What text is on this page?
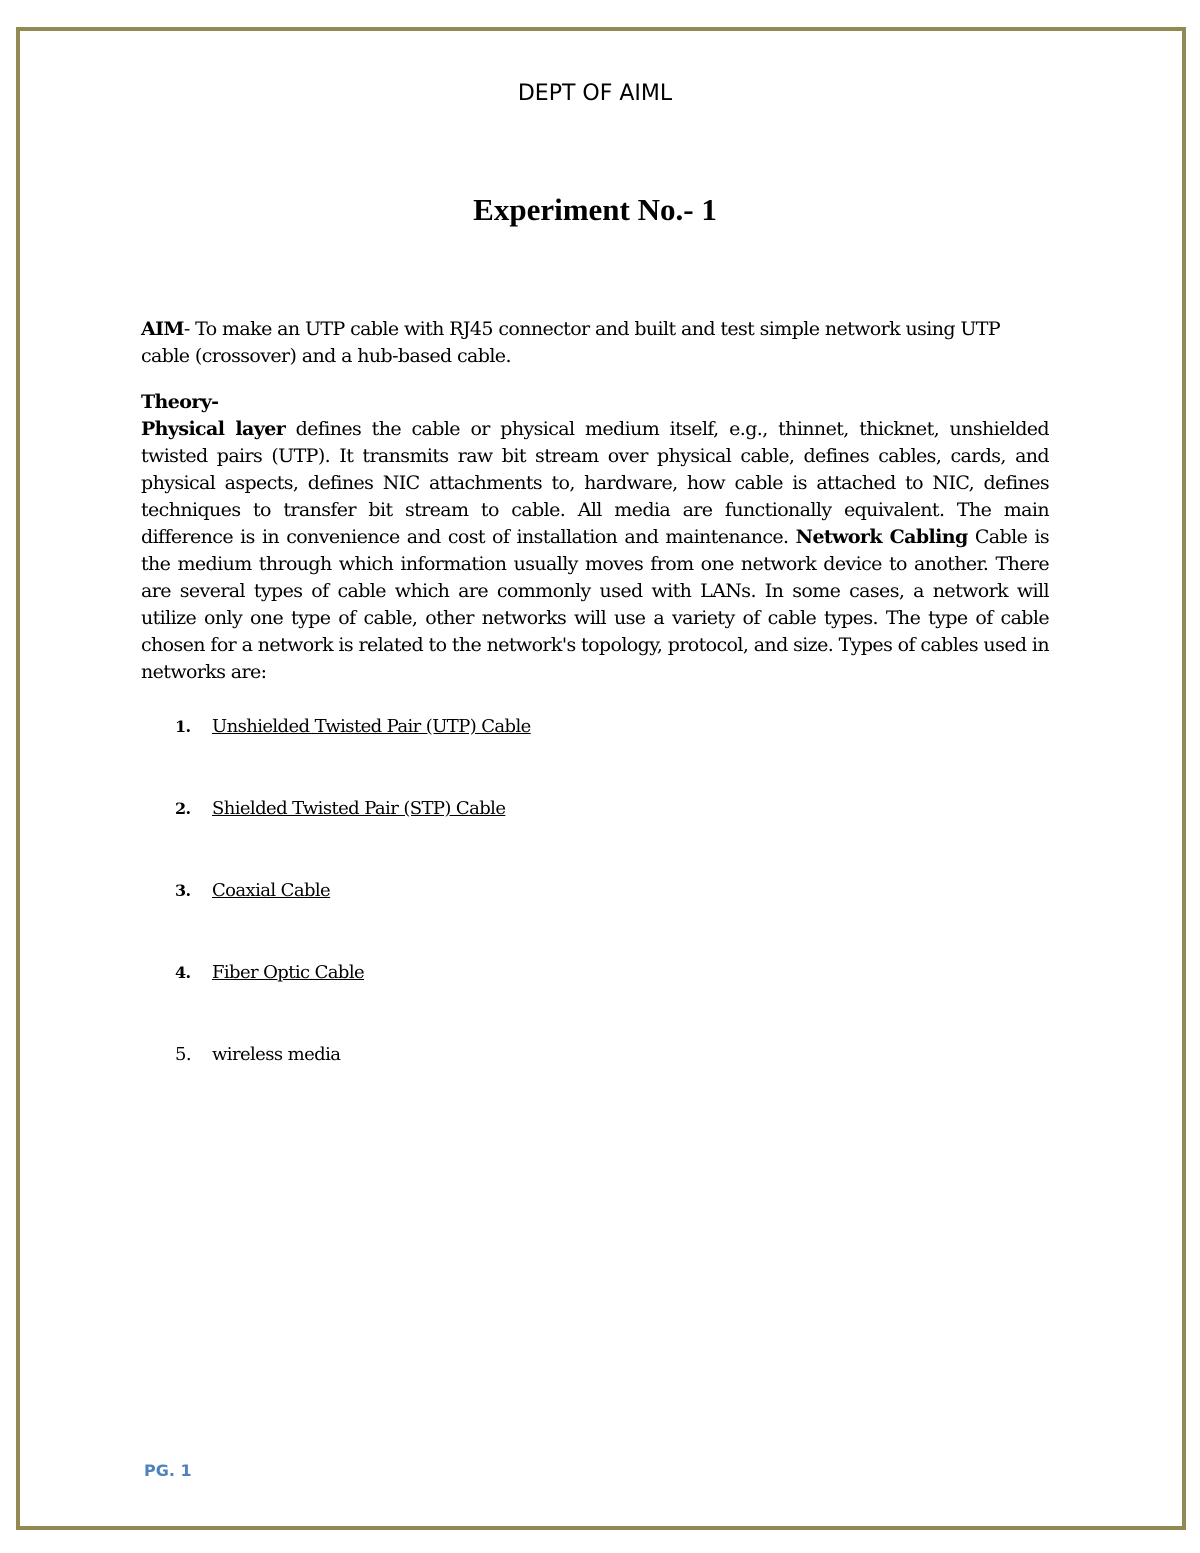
DEPT OF AIML
Experiment No.- 1
AIM- To make an UTP cable with RJ45 connector and built and test simple network using UTP cable (crossover) and a hub-based cable.
Theory-
Physical layer defines the cable or physical medium itself, e.g., thinnet, thicknet, unshielded twisted pairs (UTP). It transmits raw bit stream over physical cable, defines cables, cards, and physical aspects, defines NIC attachments to, hardware, how cable is attached to NIC, defines techniques to transfer bit stream to cable. All media are functionally equivalent. The main difference is in convenience and cost of installation and maintenance. Network Cabling Cable is the medium through which information usually moves from one network device to another. There are several types of cable which are commonly used with LANs. In some cases, a network will utilize only one type of cable, other networks will use a variety of cable types. The type of cable chosen for a network is related to the network's topology, protocol, and size. Types of cables used in networks are:
1. Unshielded Twisted Pair (UTP) Cable
2. Shielded Twisted Pair (STP) Cable
3. Coaxial Cable
4. Fiber Optic Cable
5. wireless media
PG. 1
